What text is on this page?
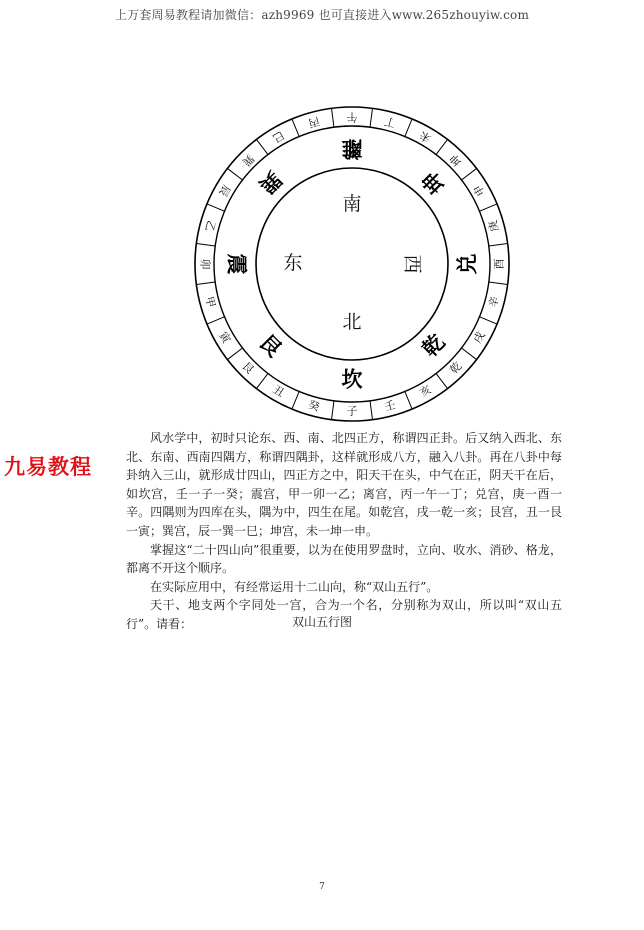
上万套周易教程请加微信：azh9969 也可直接进入www.265zhouyiw.com
午 丁
未
坤
申
庚
酉
辛
戌
乾
亥
壬
子
癸
丑
艮
寅
甲
卯
乙
辰
巽
巳
丙
離
坤
兑
乾
坎
艮
震
巽
南
北
东	西
九易教程

风水学中，初时只论东、西、南、北四正方，称谓四正卦。后又纳入西北、东北、东南、西南四隅方，称谓四隅卦，这样就形成八方，融入八卦。再在八卦中每卦纳入三山，就形成廿四山，四正方之中，阳天干在头，中气在正，阴天干在后，如坎宫，壬一子一癸；震宫，甲一卯一乙；离宫，丙一午一丁；兑宫，庚一酉一辛。四隅则为四库在头，隅为中，四生在尾。如乾宫，戌一乾一亥；艮宫，丑一艮一寅；巽宫，辰一巽一巳；坤宫，未一坤一申。

掌握这“二十四山向”很重要，以为在使用罗盘时，立向、收水、消砂、格龙，都离不开这个顺序。

在实际应用中，有经常运用十二山向，称“双山五行”。

天干、地支两个字同处一宫，合为一个名，分别称为双山，所以叫“双山五行”。请看：	双山五行图
7
